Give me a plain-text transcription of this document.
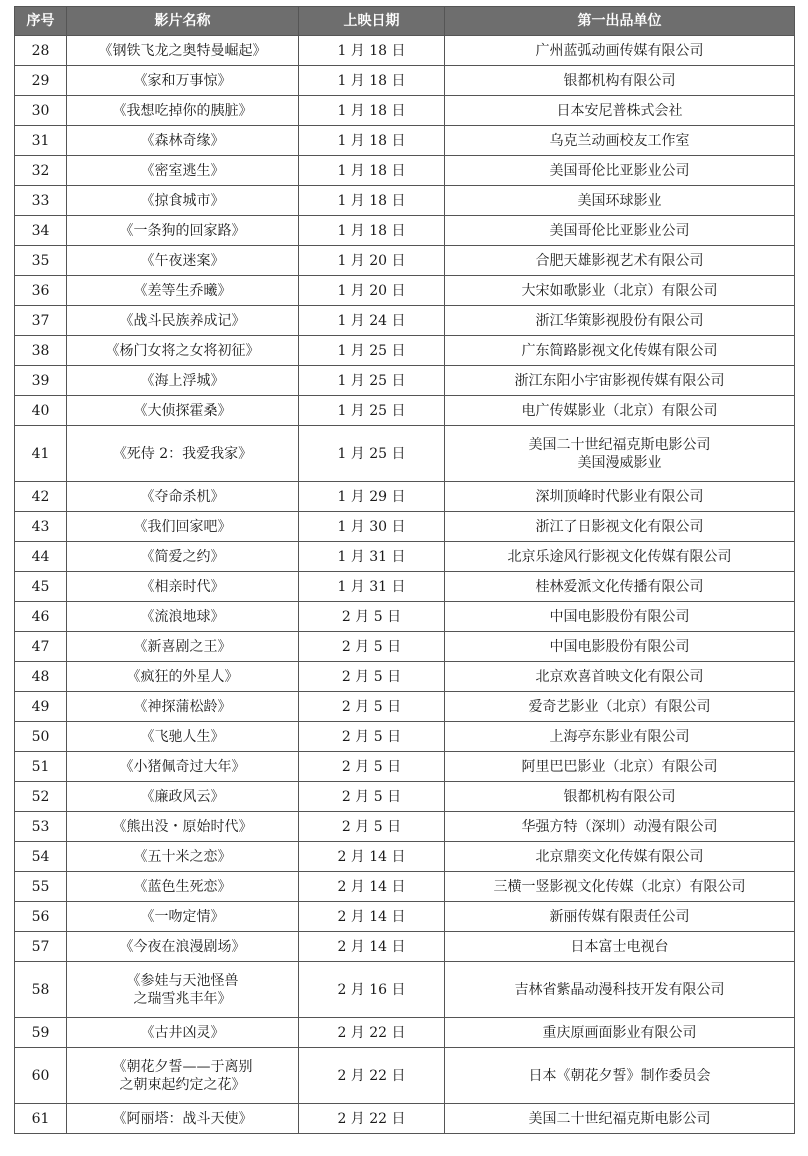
序号	影片名称	上映日期	第一出品单位
28	《钢铁飞龙之奥特曼崛起》	1 月 18 日	广州蓝弧动画传媒有限公司

29	《家和万事惊》	1 月 18 日	银都机构有限公司

30	《我想吃掉你的胰脏》	1 月 18 日	日本安尼普株式会社

31	《森林奇缘》	1 月 18 日	乌克兰动画校友工作室

32	《密室逃生》	1 月 18 日	美国哥伦比亚影业公司

33	《掠食城市》	1 月 18 日	美国环球影业

34	《一条狗的回家路》	1 月 18 日	美国哥伦比亚影业公司

35	《午夜迷案》	1 月 20 日	合肥天雄影视艺术有限公司

36	《差等生乔曦》	1 月 20 日	大宋如歌影业（北京）有限公司

37	《战斗民族养成记》	1 月 24 日	浙江华策影视股份有限公司

38	《杨门女将之女将初征》	1 月 25 日	广东简路影视文化传媒有限公司

39	《海上浮城》	1 月 25 日	浙江东阳小宇宙影视传媒有限公司

40	《大侦探霍桑》	1 月 25 日	电广传媒影业（北京）有限公司

41	《死侍 2：我爱我家》	1 月 25 日	美国二十世纪福克斯电影公司
美国漫威影业

42	《夺命杀机》	1 月 29 日	深圳顶峰时代影业有限公司

43	《我们回家吧》	1 月 30 日	浙江了日影视文化有限公司

44	《简爱之约》	1 月 31 日	北京乐途风行影视文化传媒有限公司

45	《相亲时代》	1 月 31 日	桂林爱派文化传播有限公司

46	《流浪地球》	2 月 5 日	中国电影股份有限公司

47	《新喜剧之王》	2 月 5 日	中国电影股份有限公司

48	《疯狂的外星人》	2 月 5 日	北京欢喜首映文化有限公司

49	《神探蒲松龄》	2 月 5 日	爱奇艺影业（北京）有限公司

50	《飞驰人生》	2 月 5 日	上海亭东影业有限公司

51	《小猪佩奇过大年》	2 月 5 日	阿里巴巴影业（北京）有限公司

52	《廉政风云》	2 月 5 日	银都机构有限公司

53	《熊出没・原始时代》	2 月 5 日	华强方特（深圳）动漫有限公司

54	《五十米之恋》	2 月 14 日	北京鼎奕文化传媒有限公司

55	《蓝色生死恋》	2 月 14 日	三横一竖影视文化传媒（北京）有限公司

56	《一吻定情》	2 月 14 日	新丽传媒有限责任公司

57	《今夜在浪漫剧场》	2 月 14 日	日本富士电视台

58	《参娃与天池怪兽
之瑞雪兆丰年》	2 月 16 日	吉林省紫晶动漫科技开发有限公司

59	《古井凶灵》	2 月 22 日	重庆原画面影业有限公司

60	《朝花夕誓——于离别
之朝束起约定之花》	2 月 22 日	日本《朝花夕誓》制作委员会

61	《阿丽塔：战斗天使》	2 月 22 日	美国二十世纪福克斯电影公司
